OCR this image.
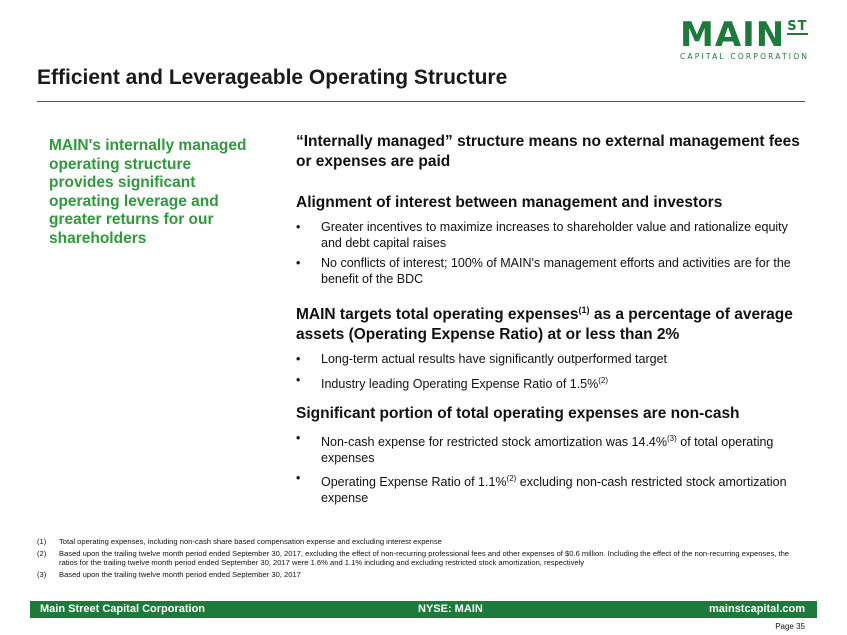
MAIN ST
CAPITAL CORPORATION
Efficient and Leverageable Operating Structure
MAIN's internally managed operating structure provides significant operating leverage and greater returns for our shareholders
“Internally managed” structure means no external management fees or expenses are paid
Alignment of interest between management and investors
• Greater incentives to maximize increases to shareholder value and rationalize equity and debt capital raises
• No conflicts of interest; 100% of MAIN's management efforts and activities are for the benefit of the BDC
MAIN targets total operating expenses$^{(1)}$ as a percentage of average assets (Operating Expense Ratio) at or less than 2%
• Long-term actual results have significantly outperformed target
• Industry leading Operating Expense Ratio of 1.5%$^{(2)}$
Significant portion of total operating expenses are non-cash
• Non-cash expense for restricted stock amortization was 14.4%$^{(3)}$ of total operating expenses
• Operating Expense Ratio of 1.1%$^{(2)}$ excluding non-cash restricted stock amortization expense
(1) Total operating expenses, including non-cash share based compensation expense and excluding interest expense
(2) Based upon the trailing twelve month period ended September 30, 2017, excluding the effect of non-recurring professional fees and other expenses of $0.6 million. Including the effect of the non-recurring expenses, the ratios for the trailing twelve month period ended September 30, 2017 were 1.6% and 1.1% including and excluding restricted stock amortization, respectively
(3) Based upon the trailing twelve month period ended September 30, 2017
Main Street Capital Corporation	NYSE: MAIN	mainstcapital.com
Page 35
